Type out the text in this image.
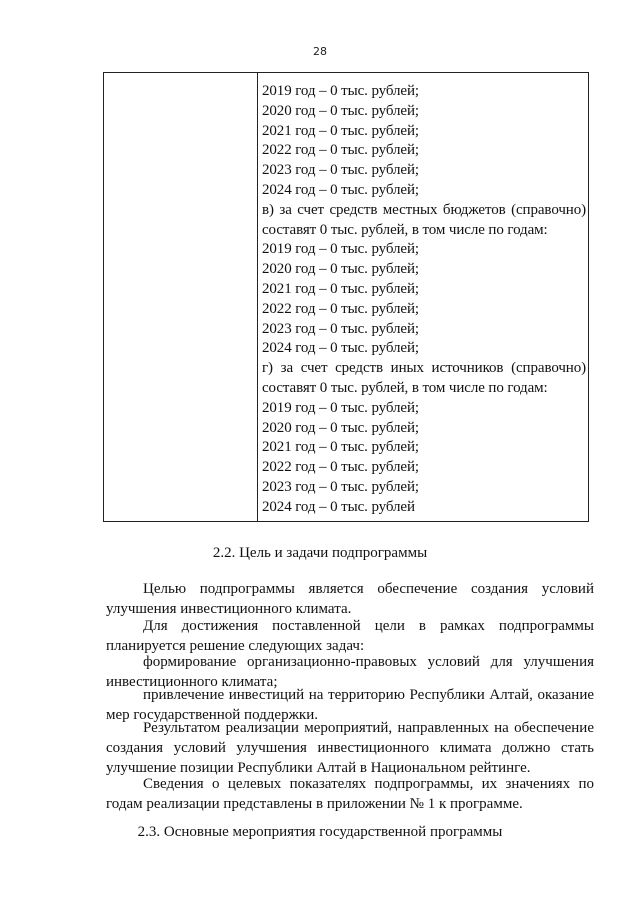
28

2019 год – 0 тыс. рублей;
2020 год – 0 тыс. рублей;
2021 год – 0 тыс. рублей;
2022 год – 0 тыс. рублей;
2023 год – 0 тыс. рублей;
2024 год – 0 тыс. рублей;
в) за счет средств местных бюджетов (справочно)
составят 0 тыс. рублей, в том числе по годам:
2019 год – 0 тыс. рублей;
2020 год – 0 тыс. рублей;
2021 год – 0 тыс. рублей;
2022 год – 0 тыс. рублей;
2023 год – 0 тыс. рублей;
2024 год – 0 тыс. рублей;
г) за счет средств иных источников (справочно)
составят 0 тыс. рублей, в том числе по годам:
2019 год – 0 тыс. рублей;
2020 год – 0 тыс. рублей;
2021 год – 0 тыс. рублей;
2022 год – 0 тыс. рублей;
2023 год – 0 тыс. рублей;
2024 год – 0 тыс. рублей
2.2. Цель и задачи подпрограммы
Целью подпрограммы является обеспечение создания условий
улучшения инвестиционного климата.
Для достижения поставленной цели в рамках подпрограммы
планируется решение следующих задач:
формирование организационно-правовых условий для улучшения
инвестиционного климата;
привлечение инвестиций на территорию Республики Алтай, оказание
мер государственной поддержки.
Результатом реализации мероприятий, направленных на обеспечение создания условий улучшения инвестиционного климата должно стать улучшение позиции Республики Алтай в Национальном рейтинге.
Сведения о целевых показателях подпрограммы, их значениях по годам реализации представлены в приложении № 1 к программе.
2.3. Основные мероприятия государственной программы
